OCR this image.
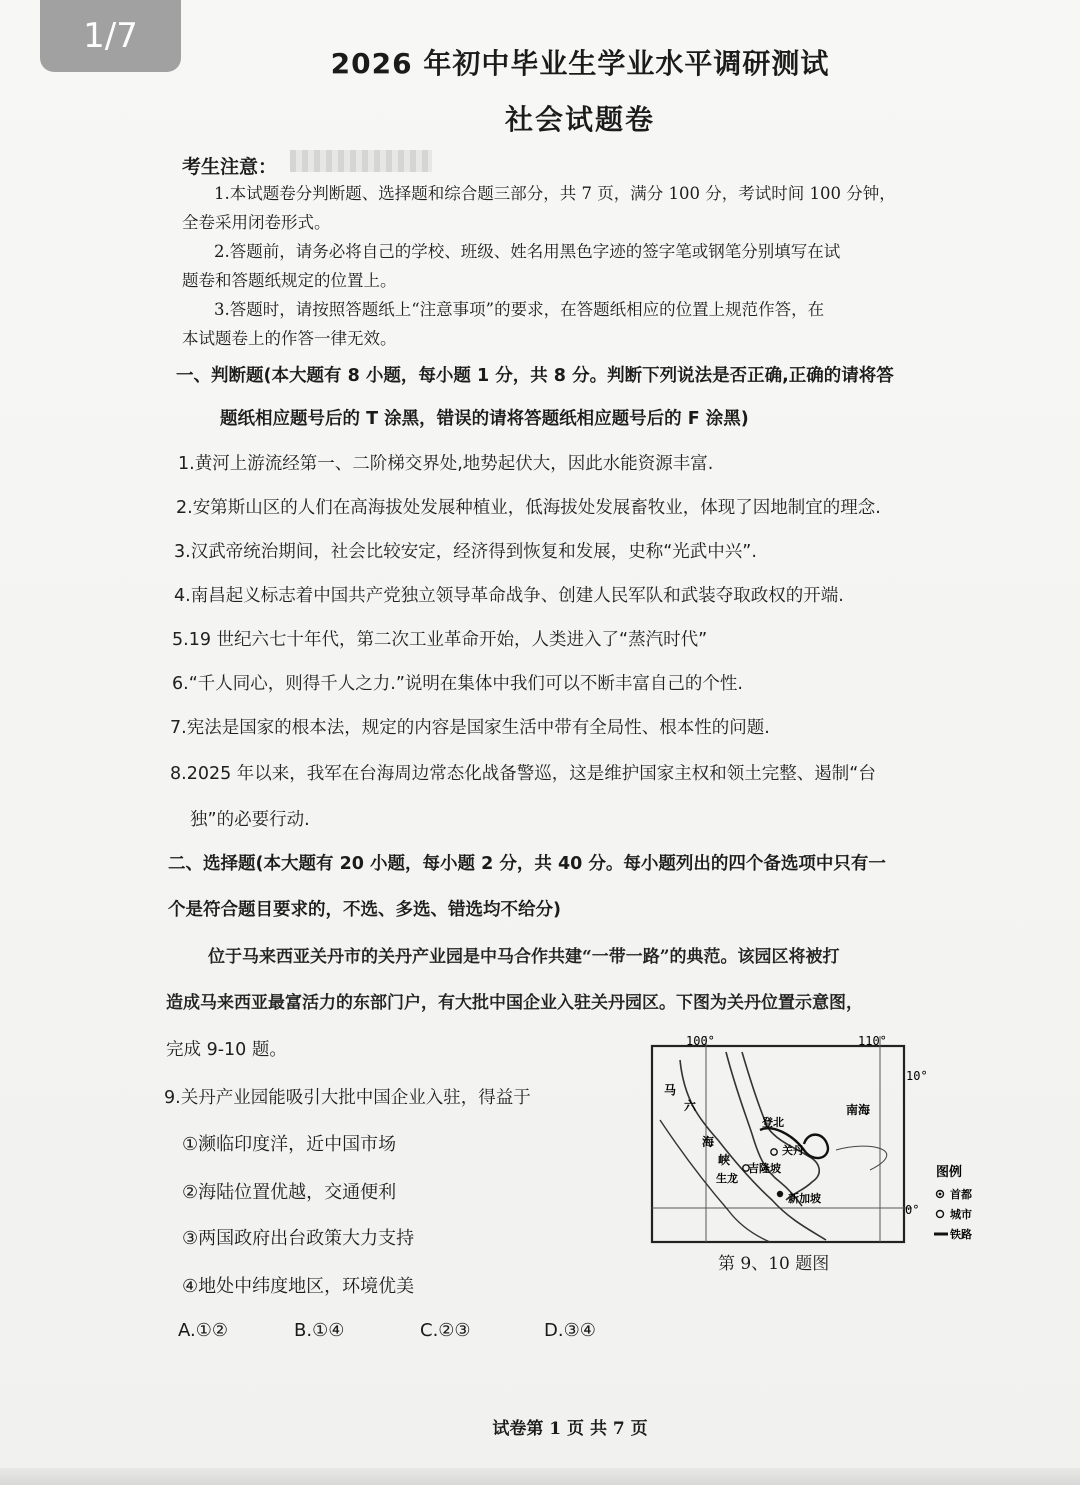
1/7
2026 年初中毕业生学业水平调研测试
社会试题卷
考生注意：
1.本试题卷分判断题、选择题和综合题三部分，共 7 页，满分 100 分，考试时间 100 分钟，
全卷采用闭卷形式。
2.答题前，请务必将自己的学校、班级、姓名用黑色字迹的签字笔或钢笔分别填写在试
题卷和答题纸规定的位置上。
3.答题时，请按照答题纸上“注意事项”的要求，在答题纸相应的位置上规范作答，在
本试题卷上的作答一律无效。
一、判断题(本大题有 8 小题，每小题 1 分，共 8 分。判断下列说法是否正确,正确的请将答
题纸相应题号后的 T 涂黑，错误的请将答题纸相应题号后的 F 涂黑)
1.黄河上游流经第一、二阶梯交界处,地势起伏大，因此水能资源丰富.
2.安第斯山区的人们在高海拔处发展种植业，低海拔处发展畜牧业，体现了因地制宜的理念.
3.汉武帝统治期间，社会比较安定，经济得到恢复和发展，史称“光武中兴”.
4.南昌起义标志着中国共产党独立领导革命战争、创建人民军队和武装夺取政权的开端.
5.19 世纪六七十年代，第二次工业革命开始，人类进入了“蒸汽时代”
6.“千人同心，则得千人之力.”说明在集体中我们可以不断丰富自己的个性.
7.宪法是国家的根本法，规定的内容是国家生活中带有全局性、根本性的问题.
8.2025 年以来，我军在台海周边常态化战备警巡，这是维护国家主权和领土完整、遏制“台
独”的必要行动.
二、选择题(本大题有 20 小题，每小题 2 分，共 40 分。每小题列出的四个备选项中只有一
个是符合题目要求的，不选、多选、错选均不给分)
位于马来西亚关丹市的关丹产业园是中马合作共建“一带一路”的典范。该园区将被打
造成马来西亚最富活力的东部门户，有大批中国企业入驻关丹园区。下图为关丹位置示意图，
完成 9-10 题。
9.关丹产业园能吸引大批中国企业入驻，得益于
①濒临印度洋，近中国市场
②海陆位置优越，交通便利
③两国政府出台政策大力支持
④地处中纬度地区，环境优美
A.①②	B.①④	C.②③	D.③④
100°	110°
10°
0°
马
六
海
峡
南海
登北
关丹
吉隆坡
生龙
新加坡
图例
首都
城市
铁路
第 9、10 题图
试卷第 1 页 共 7 页
